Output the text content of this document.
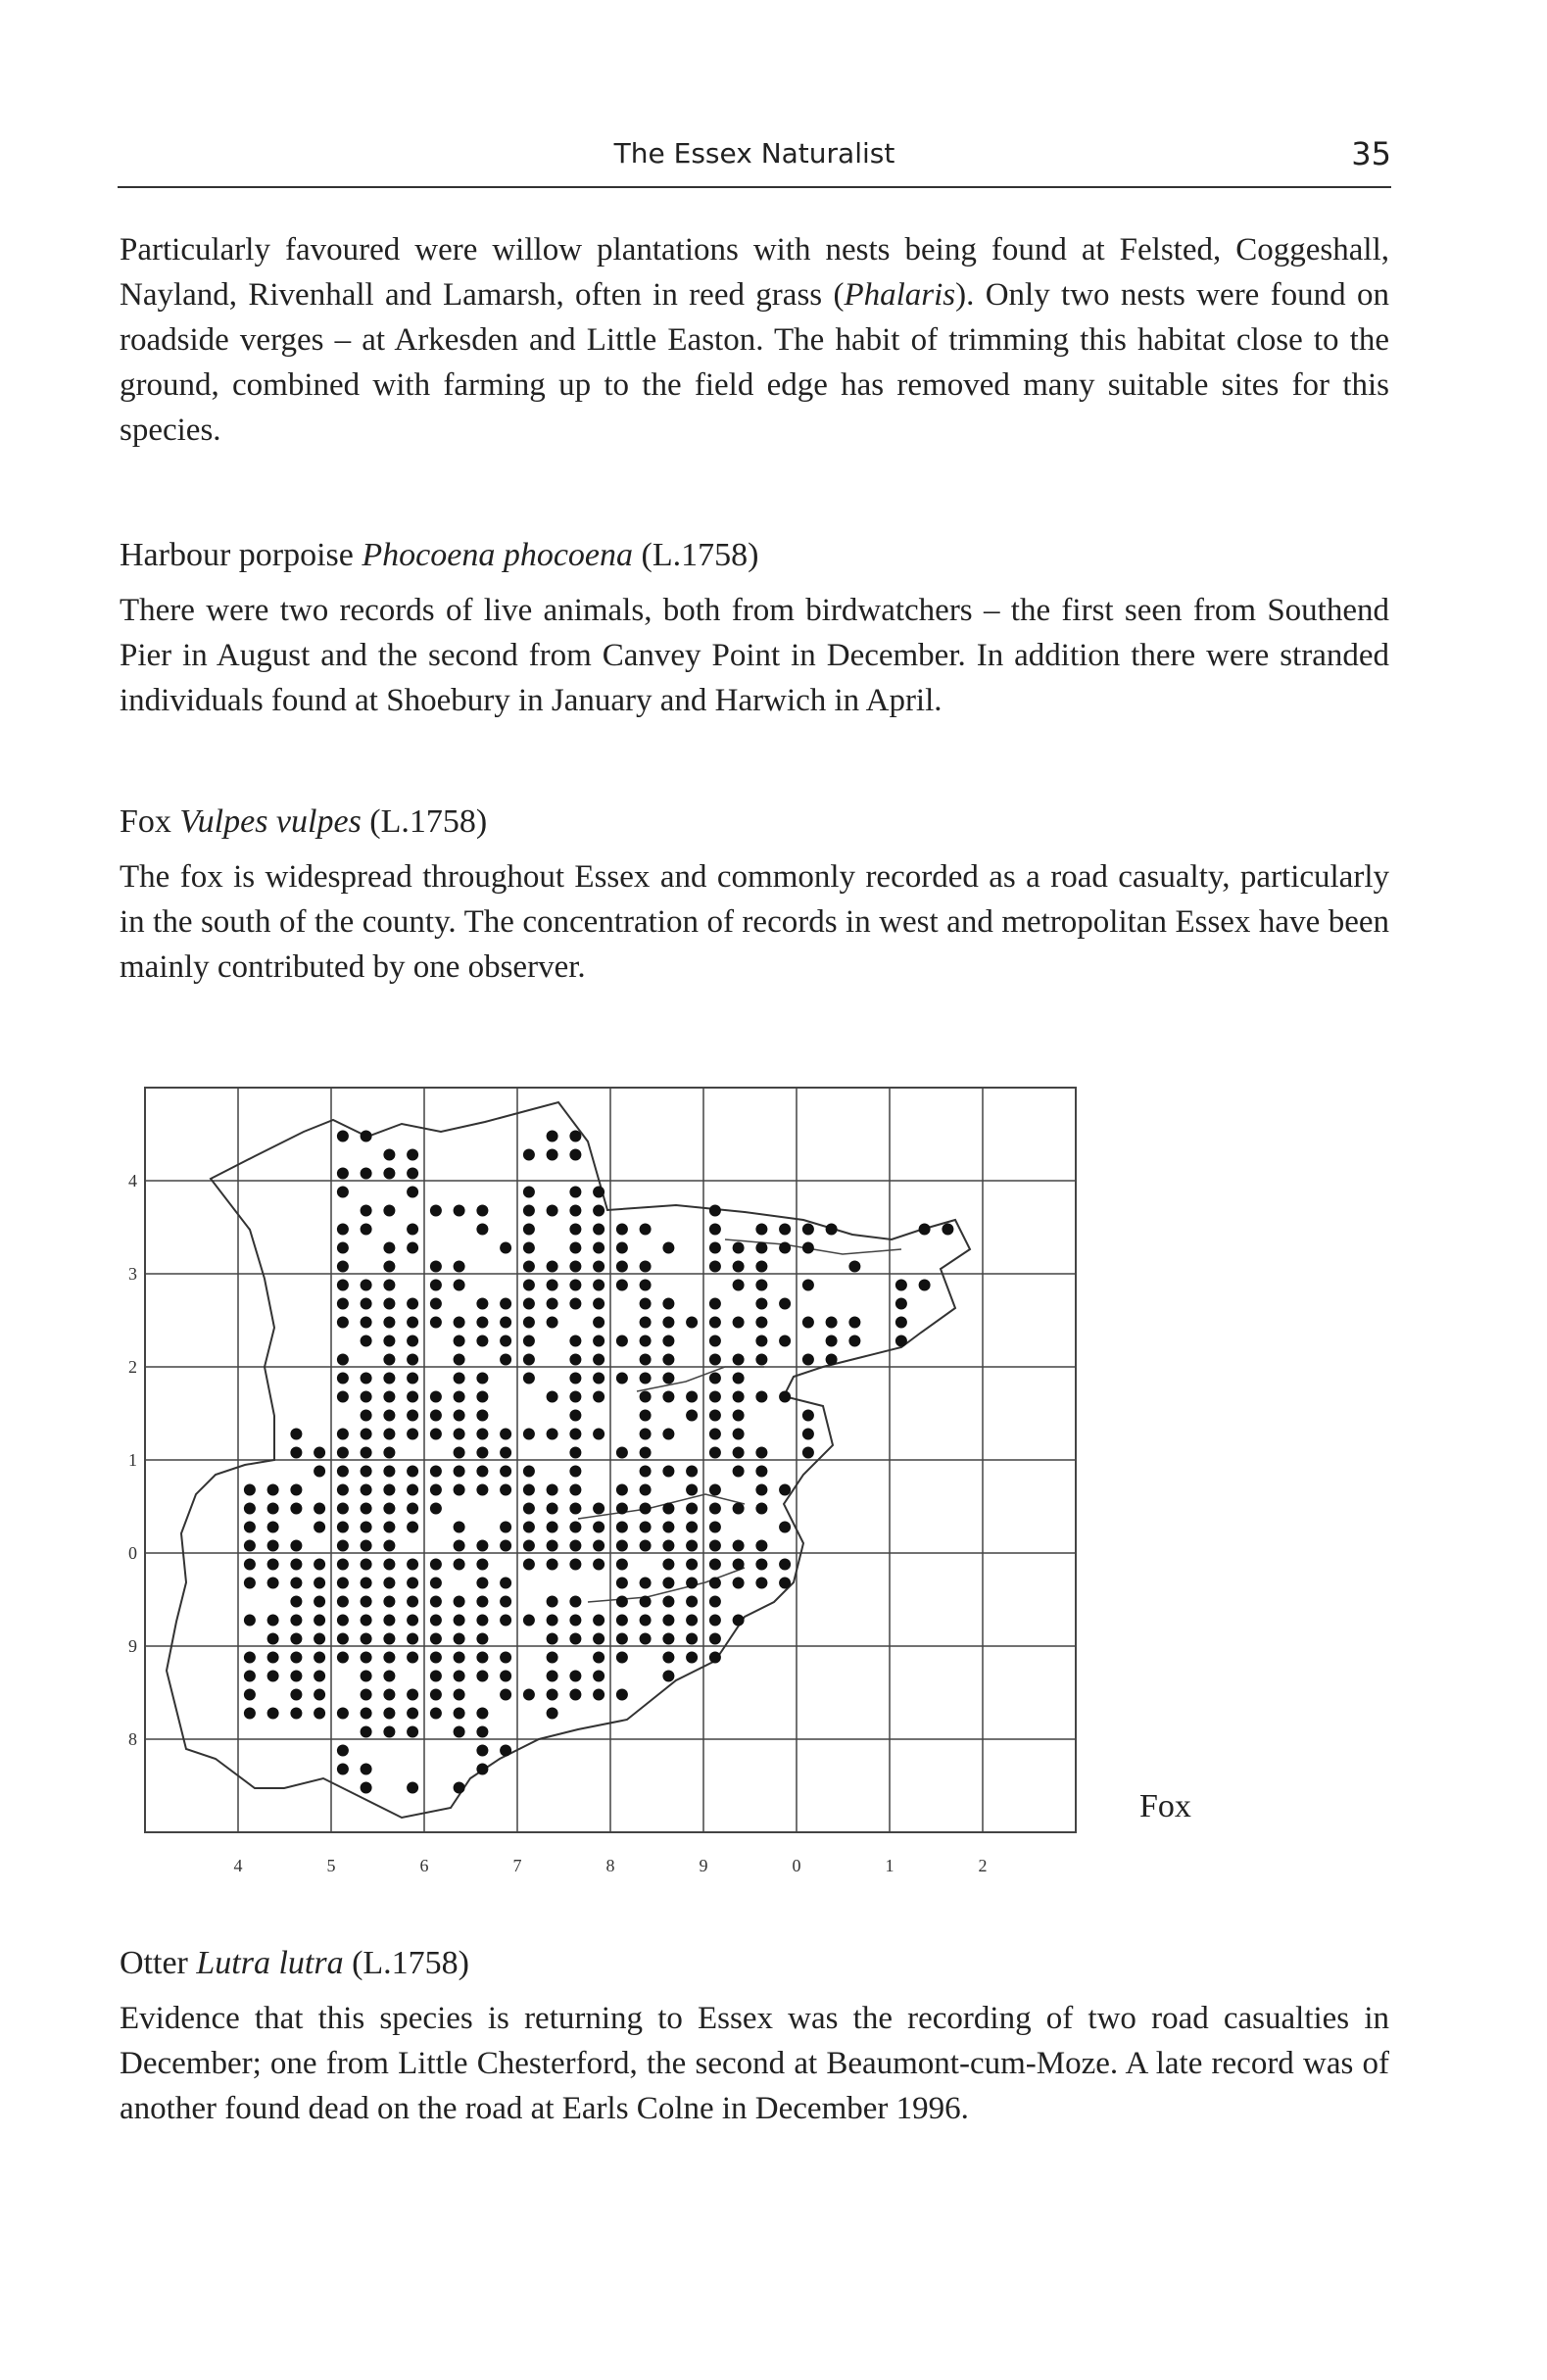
The Essex Naturalist	35

Particularly favoured were willow plantations with nests being found at Felsted, Coggeshall, Nayland, Rivenhall and Lamarsh, often in reed grass (Phalaris). Only two nests were found on roadside verges – at Arkesden and Little Easton. The habit of trimming this habitat close to the ground, combined with farming up to the field edge has removed many suitable sites for this species.

Harbour porpoise Phocoena phocoena (L.1758)

There were two records of live animals, both from birdwatchers – the first seen from Southend Pier in August and the second from Canvey Point in December. In addition there were stranded individuals found at Shoebury in January and Harwich in April.

Fox Vulpes vulpes (L.1758)

The fox is widespread throughout Essex and commonly recorded as a road casualty, particularly in the south of the county. The concentration of records in west and metropolitan Essex have been mainly contributed by one observer.

4	5	6	7	8	9	0	1	2
4
3
2
1
0
9
8
Fox
Otter Lutra lutra (L.1758)

Evidence that this species is returning to Essex was the recording of two road casualties in December; one from Little Chesterford, the second at Beaumont-cum-Moze. A late record was of another found dead on the road at Earls Colne in December 1996.
